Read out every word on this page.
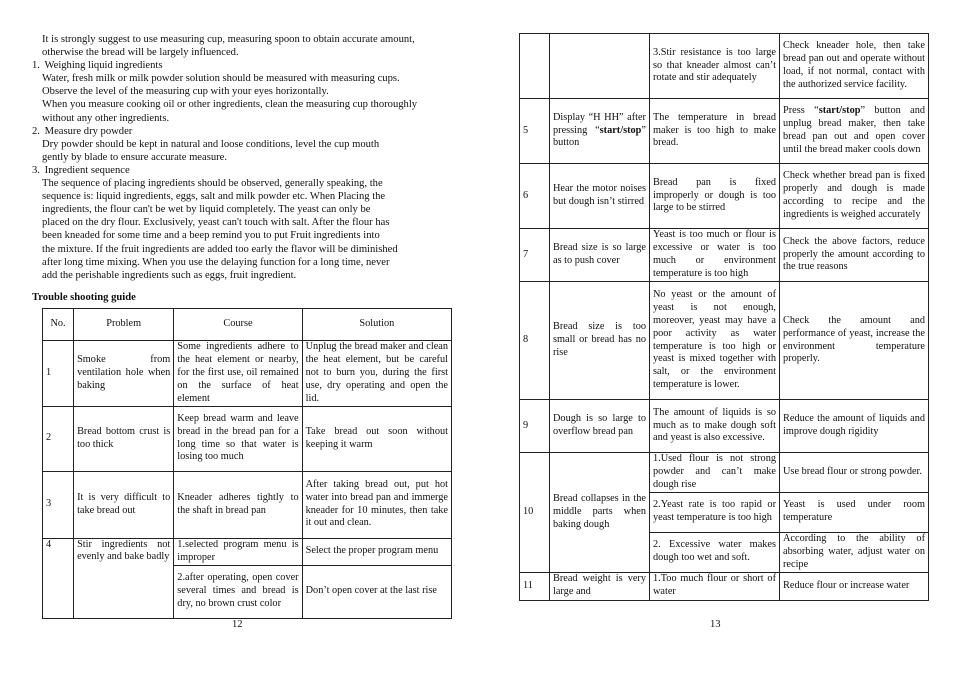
It is strongly suggest to use measuring cup, measuring spoon to obtain accurate amount,
otherwise the bread will be largely influenced.
1. Weighing liquid ingredients
Water, fresh milk or milk powder solution should be measured with measuring cups.
Observe the level of the measuring cup with your eyes horizontally.
When you measure cooking oil or other ingredients, clean the measuring cup thoroughly
without any other ingredients.
2. Measure dry powder
Dry powder should be kept in natural and loose conditions, level the cup mouth
gently by blade to ensure accurate measure.
3. Ingredient sequence
The sequence of placing ingredients should be observed, generally speaking, the
sequence is: liquid ingredients, eggs, salt and milk powder etc. When Placing the
ingredients, the flour can't be wet by liquid completely. The yeast can only be
placed on the dry flour. Exclusively, yeast can't touch with salt. After the flour has
been kneaded for some time and a beep remind you to put Fruit ingredients into
the mixture. If the fruit ingredients are added too early the flavor will be diminished
after long time mixing. When you use the delaying function for a long time, never
add the perishable ingredients such as eggs, fruit ingredient.
Trouble shooting guide
No.	Problem	Course	Solution
1	Smoke from ventilation hole when baking	Some ingredients adhere to the heat element or nearby, for the first use, oil remained on the surface of heat element	Unplug the bread maker and clean the heat element, but be careful not to burn you, during the first use, dry operating and open the lid.
2	Bread bottom crust is too thick	Keep bread warm and leave bread in the bread pan for a long time so that water is losing too much	Take bread out soon without keeping it warm
3	It is very difficult to take bread out	Kneader adheres tightly to the shaft in bread pan	After taking bread out, put hot water into bread pan and immerge kneader for 10 minutes, then take it out and clean.
4	Stir ingredients not evenly and bake badly	1.selected program menu is improper	Select the proper program menu
		2.after operating, open cover several times and bread is dry, no brown crust color	Don’t open cover at the last rise
12
		3.Stir resistance is too large so that kneader almost can’t rotate and stir adequately	Check kneader hole, then take bread pan out and operate without load, if not normal, contact with the authorized service facility.
5	Display “H HH” after pressing “start/stop” button	The temperature in bread maker is too high to make bread.	Press “start/stop” button and unplug bread maker, then take bread pan out and open cover until the bread maker cools down
6	Hear the motor noises but dough isn’t stirred	Bread pan is fixed improperly or dough is too large to be stirred	Check whether bread pan is fixed properly and dough is made according to recipe and the ingredients is weighed accurately
7	Bread size is so large as to push cover	Yeast is too much or flour is excessive or water is too much or environment temperature is too high	Check the above factors, reduce properly the amount according to the true reasons
8	Bread size is too small or bread has no rise	No yeast or the amount of yeast is not enough, moreover, yeast may have a poor activity as water temperature is too high or yeast is mixed together with salt, or the environment temperature is lower.	Check the amount and performance of yeast, increase the environment temperature properly.
9	Dough is so large to overflow bread pan	The amount of liquids is so much as to make dough soft and yeast is also excessive.	Reduce the amount of liquids and improve dough rigidity
10	Bread collapses in the middle parts when baking dough	1.Used flour is not strong powder and can’t make dough rise	Use bread flour or strong powder.
		2.Yeast rate is too rapid or yeast temperature is too high	Yeast is used under room temperature
		2. Excessive water makes dough too wet and soft.	According to the ability of absorbing water, adjust water on recipe
11	Bread weight is very large and	1.Too much flour or short of water	Reduce flour or increase water
13
